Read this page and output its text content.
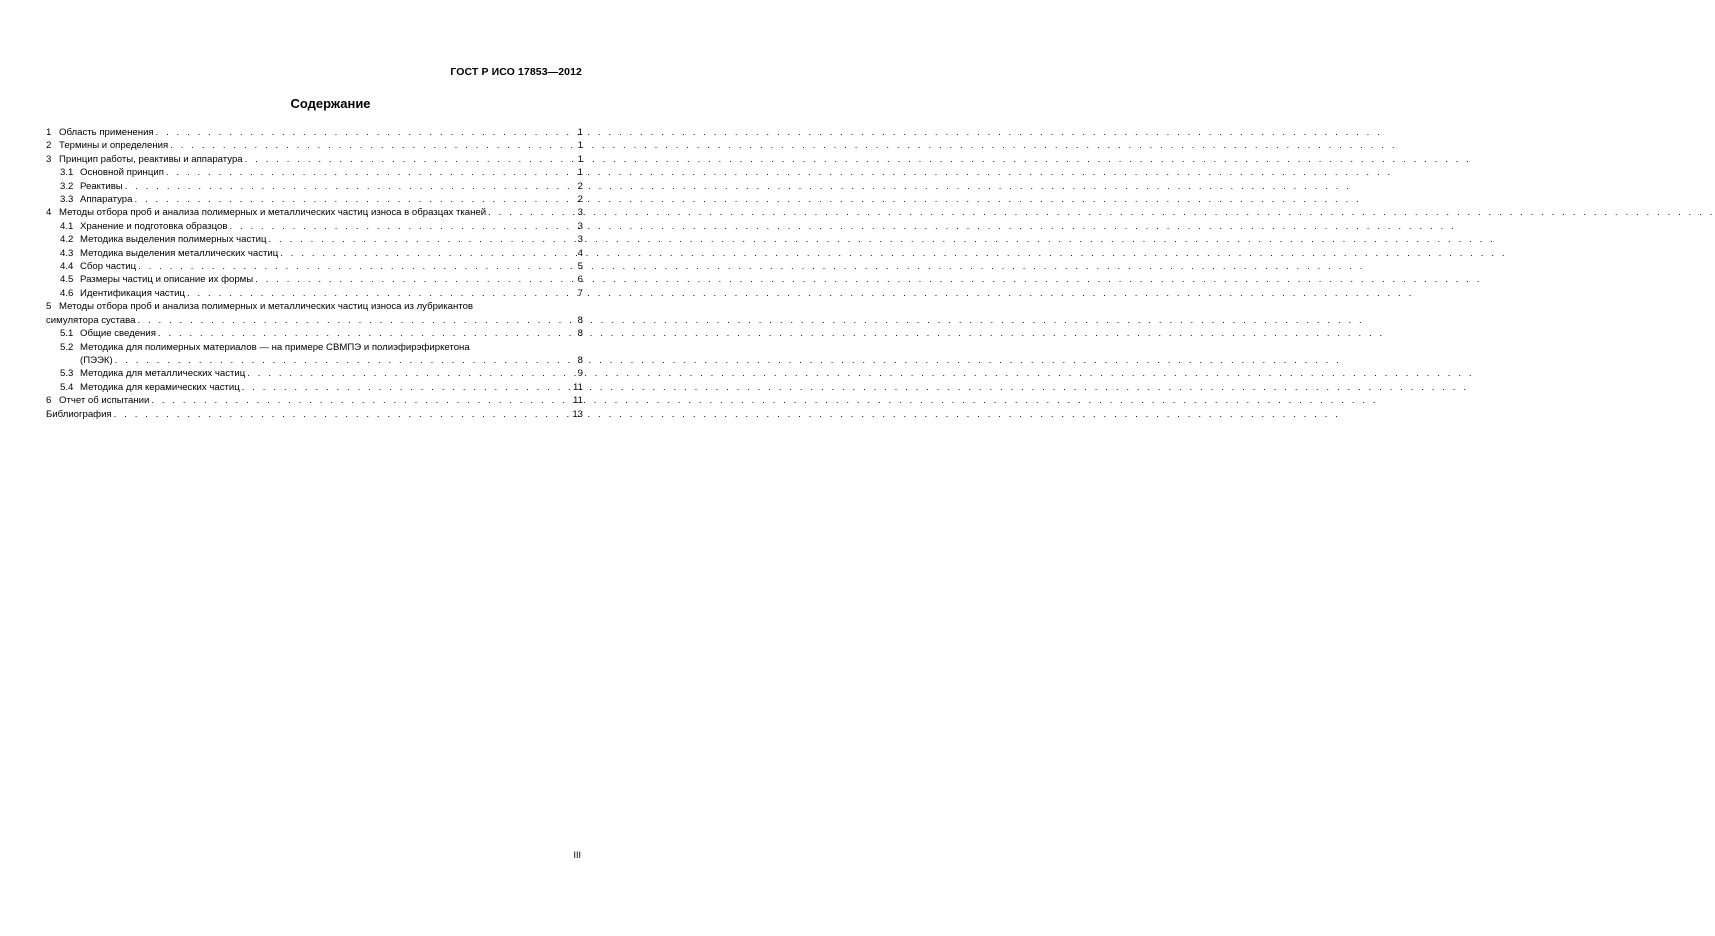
ГОСТ Р ИСО 17853—2012
Содержание
1 Область применения . . .	1
2 Термины и определения . . .	1
3 Принцип работы, реактивы и аппаратура . . .	1
3.1 Основной принцип . . .	1
3.2 Реактивы . . .	2
3.3 Аппаратура . . .	2
4 Методы отбора проб и анализа полимерных и металлических частиц износа в образцах тканей . . .	3
4.1 Хранение и подготовка образцов . . .	3
4.2 Методика выделения полимерных частиц . . .	3
4.3 Методика выделения металлических частиц . . .	4
4.4 Сбор частиц . . .	5
4.5 Размеры частиц и описание их формы . . .	6
4.6 Идентификация частиц . . .	7
5 Методы отбора проб и анализа полимерных и металлических частиц износа из лубрикантов
симулятора сустава . . .	8
5.1 Общие сведения . . .	8
5.2 Методика для полимерных материалов — на примере СВМПЭ и полиэфирэфиркетона
(ПЭЭК) . . .	8
5.3 Методика для металлических частиц . . .	9
5.4 Методика для керамических частиц . . .	11
6 Отчет об испытании . . .	11
Библиография . . .	13
III
